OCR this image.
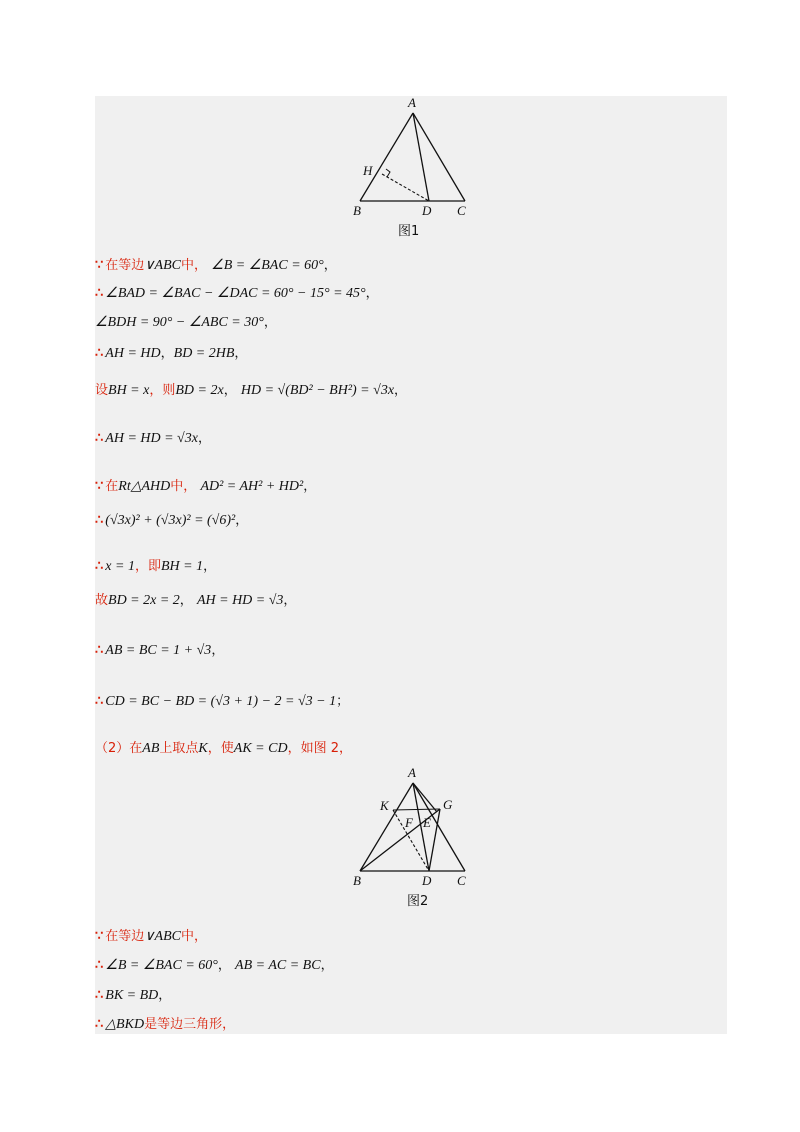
A
H
B	D C
图1
∵ 在等边∨ABC中， ∠B = ∠BAC = 60°，
∴ ∠BAD = ∠BAC − ∠DAC = 60° − 15° = 45°，
∠BDH = 90° − ∠ABC = 30°，
∴ AH = HD，BD = 2HB，
设BH = x，则BD = 2x， HD = √(BD² − BH²) = √3x，
∴ AH = HD = √3x，
∵ 在Rt△AHD中， AD² = AH² + HD²，
∴ (√3x)² + (√3x)² = (√6)²，
∴ x = 1，即BH = 1，
故BD = 2x = 2， AH = HD = √3，
∴ AB = BC = 1 + √3，
∴ CD = BC − BD = (√3 + 1) − 2 = √3 − 1；
（2）在AB上取点K，使AK = CD，如图 2，
A
K
F E
G
B	D C
图2
∵ 在等边∨ABC中，
∴ ∠B = ∠BAC = 60°， AB = AC = BC，
∴ BK = BD，
∴ △BKD是等边三角形，
